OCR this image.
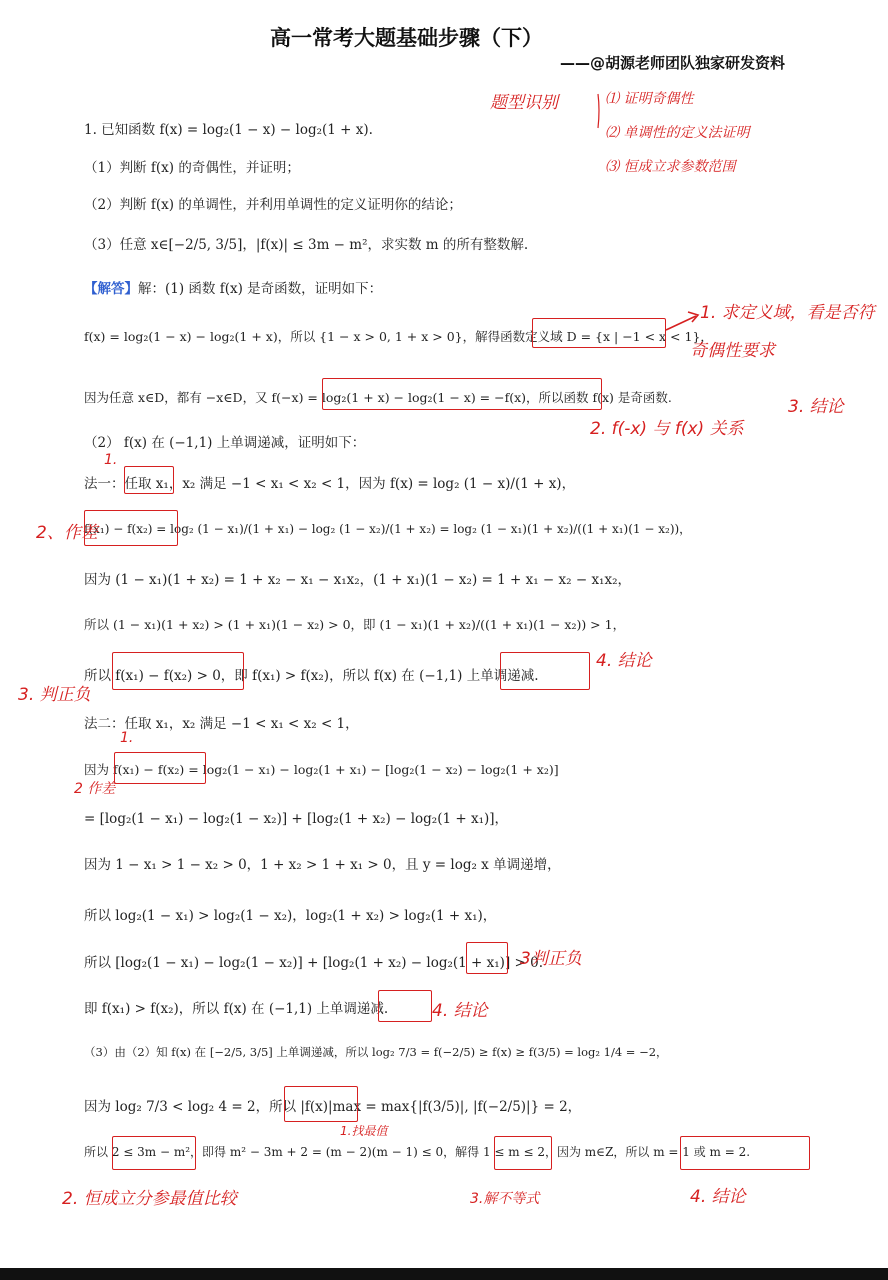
高一常考大题基础步骤（下）
——@胡源老师团队独家研发资料
1. 已知函数 f(x) = log₂(1 − x) − log₂(1 + x).
（1）判断 f(x) 的奇偶性，并证明；
（2）判断 f(x) 的单调性，并利用单调性的定义证明你的结论；
（3）任意 x∈[−2/5, 3/5]，|f(x)| ≤ 3m − m²，求实数 m 的所有整数解.
【解答】解：(1) 函数 f(x) 是奇函数，证明如下：
f(x) = log₂(1 − x) − log₂(1 + x)，所以 {1 − x > 0, 1 + x > 0}，解得函数定义域 D = {x | −1 < x < 1}，
因为任意 x∈D，都有 −x∈D，又 f(−x) = log₂(1 + x) − log₂(1 − x) = −f(x)，所以函数 f(x) 是奇函数.
（2） f(x) 在 (−1,1) 上单调递减，证明如下：
法一：任取 x₁，x₂ 满足 −1 < x₁ < x₂ < 1，因为 f(x) = log₂ (1 − x)/(1 + x)，
f(x₁) − f(x₂) = log₂ (1 − x₁)/(1 + x₁) − log₂ (1 − x₂)/(1 + x₂) = log₂ (1 − x₁)(1 + x₂)/((1 + x₁)(1 − x₂))，
因为 (1 − x₁)(1 + x₂) = 1 + x₂ − x₁ − x₁x₂，(1 + x₁)(1 − x₂) = 1 + x₁ − x₂ − x₁x₂，
所以 (1 − x₁)(1 + x₂) > (1 + x₁)(1 − x₂) > 0，即 (1 − x₁)(1 + x₂)/((1 + x₁)(1 − x₂)) > 1，
所以 f(x₁) − f(x₂) > 0，即 f(x₁) > f(x₂)，所以 f(x) 在 (−1,1) 上单调递减.
法二：任取 x₁，x₂ 满足 −1 < x₁ < x₂ < 1，
因为 f(x₁) − f(x₂) = log₂(1 − x₁) − log₂(1 + x₁) − [log₂(1 − x₂) − log₂(1 + x₂)]
= [log₂(1 − x₁) − log₂(1 − x₂)] + [log₂(1 + x₂) − log₂(1 + x₁)]，
因为 1 − x₁ > 1 − x₂ > 0，1 + x₂ > 1 + x₁ > 0，且 y = log₂ x 单调递增，
所以 log₂(1 − x₁) > log₂(1 − x₂)，log₂(1 + x₂) > log₂(1 + x₁)，
所以 [log₂(1 − x₁) − log₂(1 − x₂)] + [log₂(1 + x₂) − log₂(1 + x₁)] > 0.
即 f(x₁) > f(x₂)，所以 f(x) 在 (−1,1) 上单调递减.
（3）由（2）知 f(x) 在 [−2/5, 3/5] 上单调递减，所以 log₂ 7/3 = f(−2/5) ≥ f(x) ≥ f(3/5) = log₂ 1/4 = −2，
因为 log₂ 7/3 < log₂ 4 = 2，所以 |f(x)|max = max{|f(3/5)|, |f(−2/5)|} = 2，
所以 2 ≤ 3m − m²，即得 m² − 3m + 2 = (m − 2)(m − 1) ≤ 0，解得 1 ≤ m ≤ 2，因为 m∈Z，所以 m = 1 或 m = 2.
题型识别	⑴ 证明奇偶性
⑵ 单调性的定义法证明
⑶ 恒成立求参数范围
1. 求定义域，看是否符
奇偶性要求
3. 结论
2. f(-x) 与 f(x) 关系
1.
2、作差
3. 判正负
4. 结论
1.
2 作差
3判正负
4. 结论
1.找最值
2. 恒成立分参最值比较	3.解不等式	4. 结论
